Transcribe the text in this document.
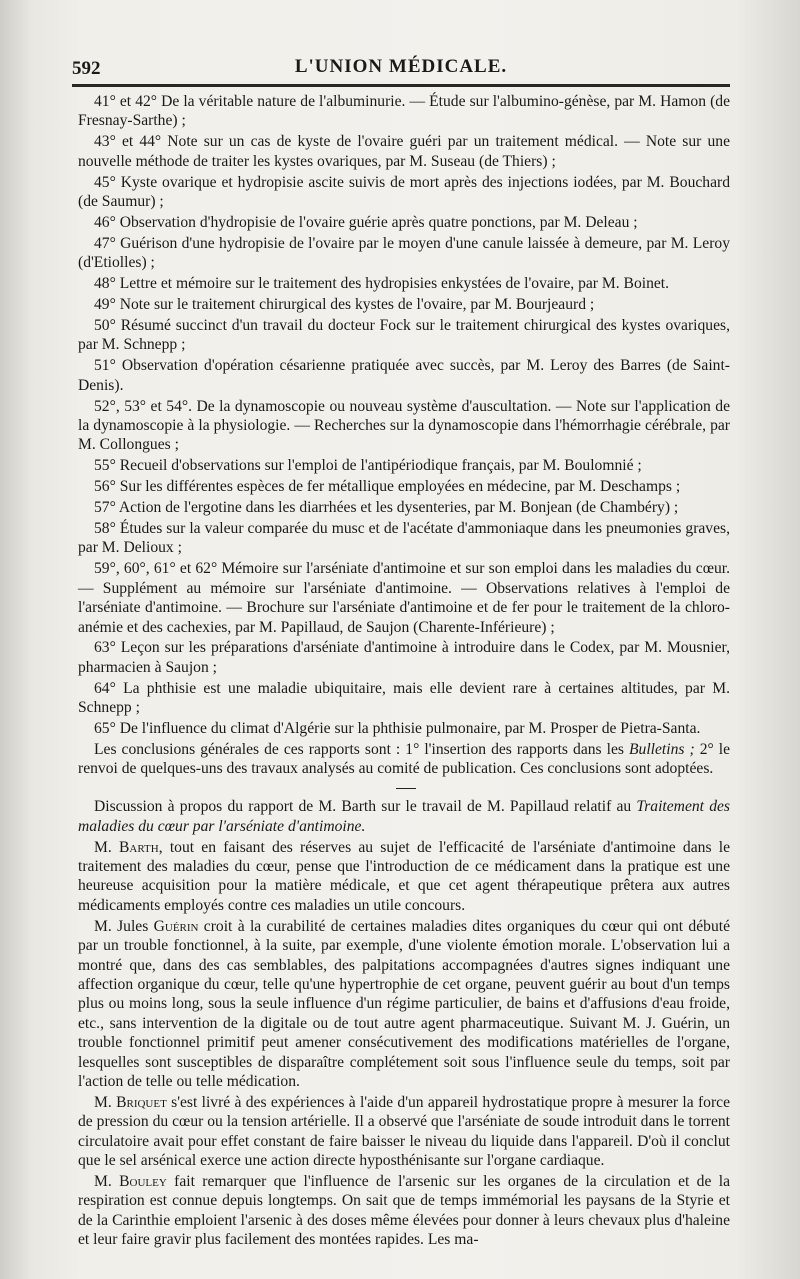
592	L'UNION MÉDICALE.

41° et 42° De la véritable nature de l'albuminurie. — Étude sur l'albumino-génèse, par M. Hamon (de Fresnay-Sarthe) ;

43° et 44° Note sur un cas de kyste de l'ovaire guéri par un traitement médical. — Note sur une nouvelle méthode de traiter les kystes ovariques, par M. Suseau (de Thiers) ;

45° Kyste ovarique et hydropisie ascite suivis de mort après des injections iodées, par M. Bouchard (de Saumur) ;

46° Observation d'hydropisie de l'ovaire guérie après quatre ponctions, par M. Deleau ;

47° Guérison d'une hydropisie de l'ovaire par le moyen d'une canule laissée à demeure, par M. Leroy (d'Etiolles) ;

48° Lettre et mémoire sur le traitement des hydropisies enkystées de l'ovaire, par M. Boinet.

49° Note sur le traitement chirurgical des kystes de l'ovaire, par M. Bourjeaurd ;

50° Résumé succinct d'un travail du docteur Fock sur le traitement chirurgical des kystes ovariques, par M. Schnepp ;

51° Observation d'opération césarienne pratiquée avec succès, par M. Leroy des Barres (de Saint-Denis).

52°, 53° et 54°. De la dynamoscopie ou nouveau système d'auscultation. — Note sur l'application de la dynamoscopie à la physiologie. — Recherches sur la dynamoscopie dans l'hémorrhagie cérébrale, par M. Collongues ;

55° Recueil d'observations sur l'emploi de l'antipériodique français, par M. Boulomnié ;

56° Sur les différentes espèces de fer métallique employées en médecine, par M. Deschamps ;

57° Action de l'ergotine dans les diarrhées et les dysenteries, par M. Bonjean (de Chambéry) ;

58° Études sur la valeur comparée du musc et de l'acétate d'ammoniaque dans les pneumonies graves, par M. Delioux ;

59°, 60°, 61° et 62° Mémoire sur l'arséniate d'antimoine et sur son emploi dans les maladies du cœur. — Supplément au mémoire sur l'arséniate d'antimoine. — Observations relatives à l'emploi de l'arséniate d'antimoine. — Brochure sur l'arséniate d'antimoine et de fer pour le traitement de la chloro-anémie et des cachexies, par M. Papillaud, de Saujon (Charente-Inférieure) ;

63° Leçon sur les préparations d'arséniate d'antimoine à introduire dans le Codex, par M. Mousnier, pharmacien à Saujon ;

64° La phthisie est une maladie ubiquitaire, mais elle devient rare à certaines altitudes, par M. Schnepp ;

65° De l'influence du climat d'Algérie sur la phthisie pulmonaire, par M. Prosper de Pietra-Santa.

Les conclusions générales de ces rapports sont : 1° l'insertion des rapports dans les Bulletins ; 2° le renvoi de quelques-uns des travaux analysés au comité de publication. Ces conclusions sont adoptées.

Discussion à propos du rapport de M. Barth sur le travail de M. Papillaud relatif au Traitement des maladies du cœur par l'arséniate d'antimoine.

M. Barth, tout en faisant des réserves au sujet de l'efficacité de l'arséniate d'antimoine dans le traitement des maladies du cœur, pense que l'introduction de ce médicament dans la pratique est une heureuse acquisition pour la matière médicale, et que cet agent thérapeutique prêtera aux autres médicaments employés contre ces maladies un utile concours.

M. Jules Guérin croit à la curabilité de certaines maladies dites organiques du cœur qui ont débuté par un trouble fonctionnel, à la suite, par exemple, d'une violente émotion morale. L'observation lui a montré que, dans des cas semblables, des palpitations accompagnées d'autres signes indiquant une affection organique du cœur, telle qu'une hypertrophie de cet organe, peuvent guérir au bout d'un temps plus ou moins long, sous la seule influence d'un régime particulier, de bains et d'affusions d'eau froide, etc., sans intervention de la digitale ou de tout autre agent pharmaceutique. Suivant M. J. Guérin, un trouble fonctionnel primitif peut amener consécutivement des modifications matérielles de l'organe, lesquelles sont susceptibles de disparaître complétement soit sous l'influence seule du temps, soit par l'action de telle ou telle médication.

M. Briquet s'est livré à des expériences à l'aide d'un appareil hydrostatique propre à mesurer la force de pression du cœur ou la tension artérielle. Il a observé que l'arséniate de soude introduit dans le torrent circulatoire avait pour effet constant de faire baisser le niveau du liquide dans l'appareil. D'où il conclut que le sel arsénical exerce une action directe hyposthénisante sur l'organe cardiaque.

M. Bouley fait remarquer que l'influence de l'arsenic sur les organes de la circulation et de la respiration est connue depuis longtemps. On sait que de temps immémorial les paysans de la Styrie et de la Carinthie emploient l'arsenic à des doses même élevées pour donner à leurs chevaux plus d'haleine et leur faire gravir plus facilement des montées rapides. Les ma-
